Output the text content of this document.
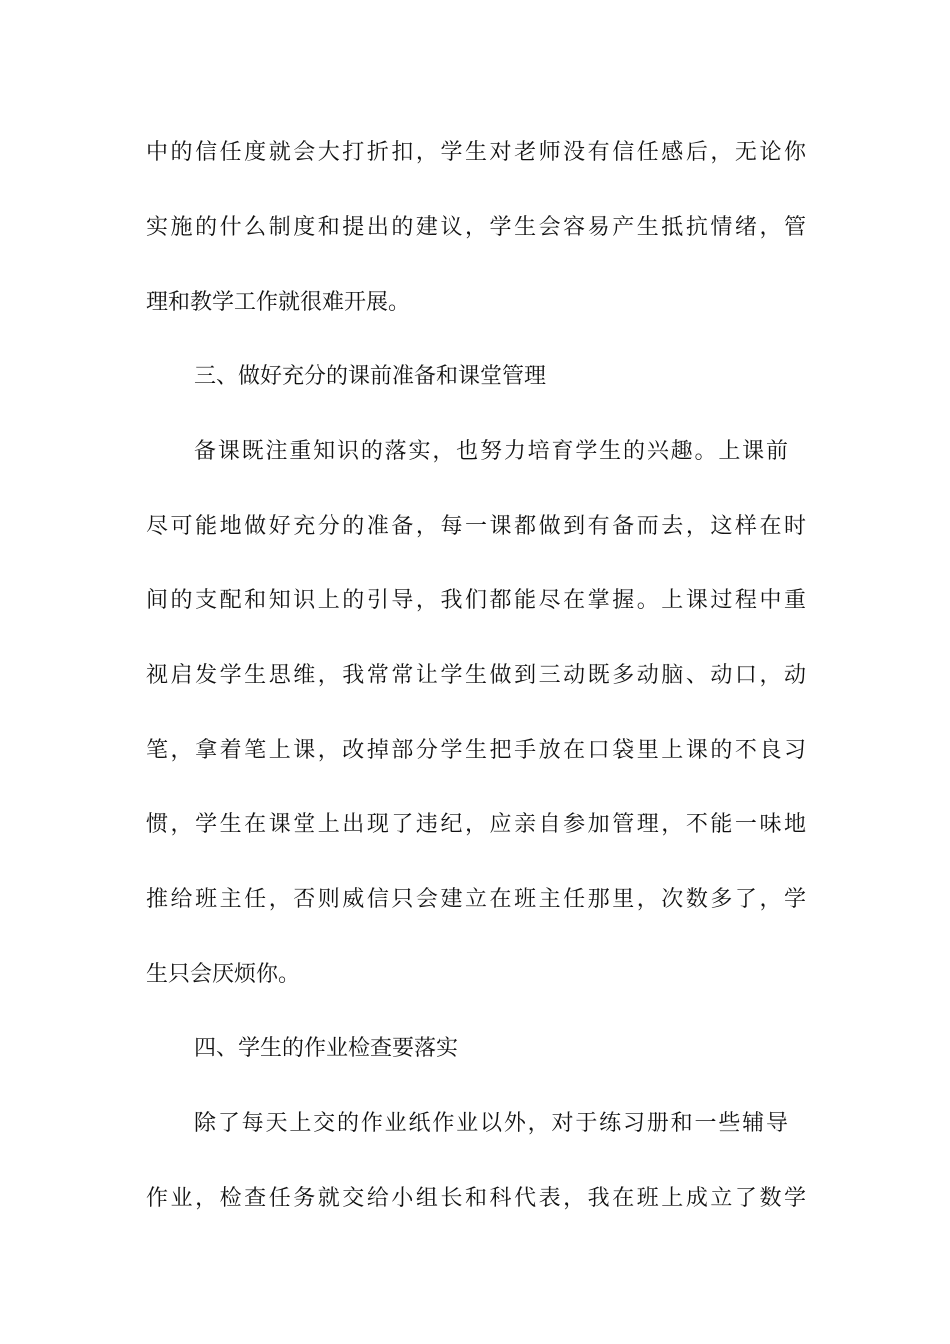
中的信任度就会大打折扣，学生对老师没有信任感后，无论你
实施的什么制度和提出的建议，学生会容易产生抵抗情绪，管
理和教学工作就很难开展。
三、做好充分的课前准备和课堂管理
备课既注重知识的落实，也努力培育学生的兴趣。上课前
尽可能地做好充分的准备，每一课都做到有备而去，这样在时
间的支配和知识上的引导，我们都能尽在掌握。上课过程中重
视启发学生思维，我常常让学生做到三动既多动脑、动口，动
笔，拿着笔上课，改掉部分学生把手放在口袋里上课的不良习
惯，学生在课堂上出现了违纪，应亲自参加管理，不能一味地
推给班主任，否则威信只会建立在班主任那里，次数多了，学
生只会厌烦你。
四、学生的作业检查要落实
除了每天上交的作业纸作业以外，对于练习册和一些辅导
作业，检查任务就交给小组长和科代表，我在班上成立了数学
